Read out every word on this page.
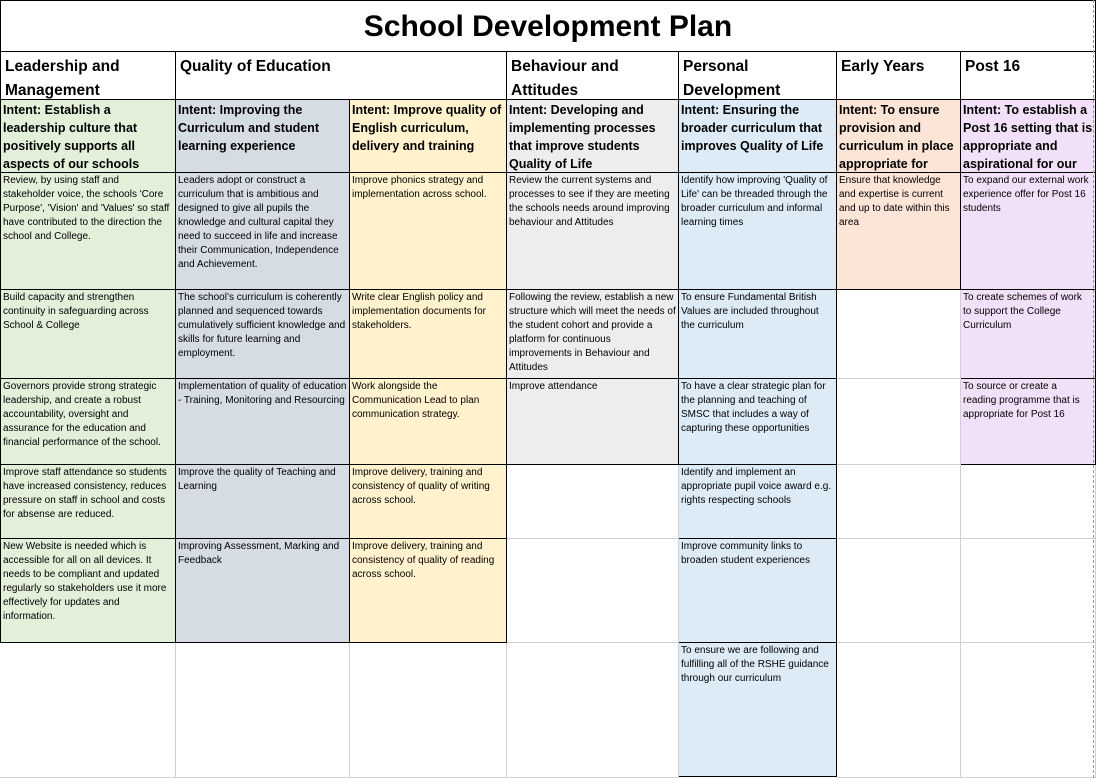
School Development Plan
Leadership and Management
Quality of Education	Behaviour and Attitudes
Personal Development
Early Years	Post 16
Intent: Establish a leadership culture that positively supports all aspects of our schools
Intent: Improving the Curriculum and student learning experience
Intent: Improve quality of English curriculum, delivery and training
Intent: Developing and implementing processes that improve students Quality of Life
Intent: Ensuring the broader curriculum that improves Quality of Life
Intent: To ensure provision and curriculum in place appropriate for
Intent: To establish a Post 16 setting that is appropriate and aspirational for our
Review, by using staff and stakeholder voice, the schools 'Core Purpose', 'Vision' and 'Values' so staff have contributed to the direction the school and College.
Build capacity and strengthen continuity in safeguarding across School & College
Governors provide strong strategic leadership, and create a robust accountability, oversight and assurance for the education and financial performance of the school.
Improve staff attendance so students have increased consistency, reduces pressure on staff in school and costs for absense are reduced.
New Website is needed which is accessible for all on all devices. It needs to be compliant and updated regularly so stakeholders use it more effectively for updates and information.
Leaders adopt or construct a curriculum that is ambitious and designed to give all pupils the knowledge and cultural capital they need to succeed in life and increase their Communication, Independence and Achievement.
The school’s curriculum is coherently planned and sequenced towards cumulatively sufficient knowledge and skills for future learning and employment.
Implementation of quality of education - Training, Monitoring and Resourcing
Improve the quality of Teaching and Learning
Improving Assessment, Marking and Feedback
Improve phonics strategy and implementation across school.
Write clear English policy and implementation documents for stakeholders.
Work alongside the Communication Lead to plan communication strategy.
Improve delivery, training and consistency of quality of writing across school.
Improve delivery, training and consistency of quality of reading across school.
Review the current systems and processes to see if they are meeting the schools needs around improving behaviour and Attitudes
Following the review, establish a new structure which will meet the needs of the student cohort and provide a platform for continuous improvements in Behaviour and Attitudes
Improve attendance
Identify how improving 'Quality of Life' can be threaded through the broader curriculum and informal learning times
To ensure Fundamental British Values are included throughout the curriculum
To have a clear strategic plan for the planning and teaching of SMSC that includes a way of capturing these opportunities
Identify and implement an appropriate pupil voice award e.g. rights respecting schools
Improve community links to broaden student experiences
To ensure we are following and fulfilling all of the RSHE guidance through our curriculum
Ensure that knowledge and expertise is current and up to date within this area
To expand our external work experience offer for Post 16 students
To create schemes of work to support the College Curriculum
To source or create a reading programme that is appropriate for Post 16
